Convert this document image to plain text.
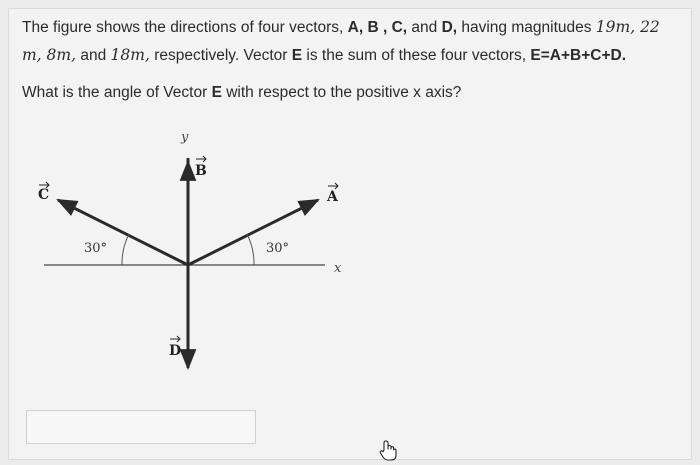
The figure shows the directions of four vectors, A, B , C, and D, having magnitudes 19m, 22
m, 8m, and 18m, respectively. Vector E is the sum of these four vectors, E=A+B+C+D.
What is the angle of Vector E with respect to the positive x axis?
y
x
B
A
C
D
30°	30°
